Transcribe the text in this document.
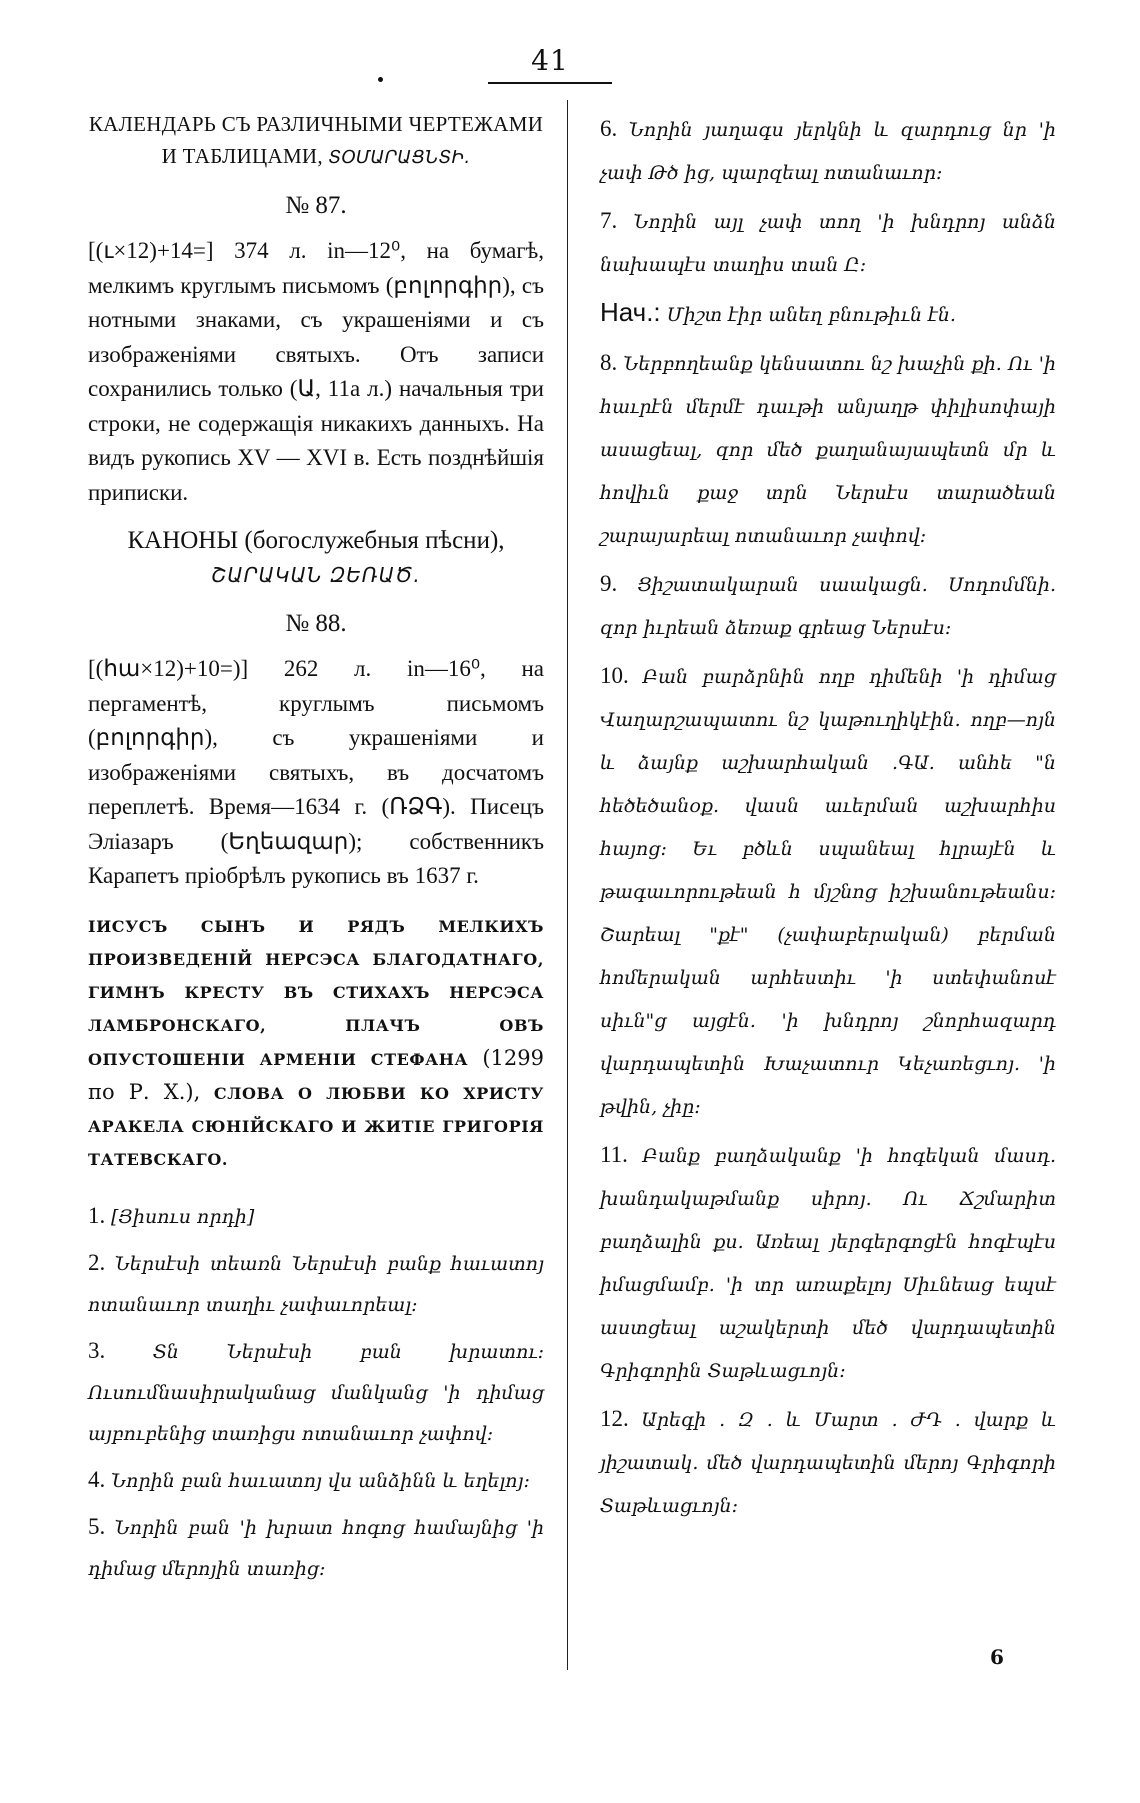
41
КАЛЕНДАРЬ СЪ РАЗЛИЧНЫМИ ЧЕРТЕЖАМИ И ТАБЛИЦАМИ, ՏՕՄԱՐԱՑՆՏԻ.
№ 87.
[(ւ×12)+14=] 374 л. in—12⁰, на бумагѣ, мелкимъ круглымъ письмомъ (բոլորգիր), съ нотными знаками, съ украшеніями и съ изображеніями святыхъ. Отъ записи сохранились только (Ա, 11а л.) начальныя три строки, не содержащія никакихъ данныхъ. На видъ рукопись XV — XVI в. Есть позднѣйшія приписки.
КАНОНЫ (богослужебныя пѣсни),
ՇԱՐԱԿԱՆ ԶԵՌԱԾ.
№ 88.
[(հա×12)+10=)] 262 л. in—16⁰, на пергаментѣ, круглымъ письмомъ (բոլորգիր), съ украшеніями и изображеніями святыхъ, въ досчатомъ переплетѣ. Время—1634 г. (ՌՁԳ). Писецъ Эліазаръ (Եղեազար); собственникъ Карапетъ пріобрѣлъ рукопись въ 1637 г.
ІИСУСЪ СЫНЪ И РЯДЪ МЕЛКИХЪ ПРОИЗВЕДЕНІЙ НЕРСЭСА БЛАГОДАТНАГО, ГИМНЪ КРЕСТУ ВЪ СТИХАХЪ НЕРСЭСА ЛАМБРОНСКАГО, ПЛАЧЪ ОВЪ ОПУСТОШЕНІИ АРМЕНІИ СТЕФАНА (1299 по Р. Х.), СЛОВА О ЛЮБВИ КО ХРИСТУ АРАКЕЛА СЮНІЙСКАГО И ЖИТІЕ ГРИГОРІЯ ТАТЕВСКАГО.
1. [Յիսուս որդի]
2. Ներսէսի տեառն Ներսէսի բանք հաւատոյ ոտանաւոր տաղիւ չափաւորեալ:
3.	Տն Ներսէսի բան խրատու: Ուսումնասիրականաց մանկանց 'ի դիմաց այբուբենից տառիցս ոտանաւոր չափով:
4. Նորին բան հաւատոյ վս անձինն և եղելոյ:
5. Նորին բան 'ի խրատ հոգոց համայնից 'ի դիմաց մերոյին տառից:
6. Նորին յաղագս յերկնի և զարդուց նր 'ի չափ Թծ ից, պարզեալ ոտանաւոր:
7. Նորին այլ չափ տող 'ի խնդրոյ անձն նախապէս տաղիս տան Ը:
Нач.: Միշտ էիր անեղ բնութիւն էն.
8. Ներբողեանք կենսատու նշ խաչին քի. Ու 'ի հաւրէն մերմէ դաւթի անյաղթ փիլիսոփայի ասացեալ, զոր մեծ քաղանայապետն մր և հովիւն քաջ տրն Ներսէս տարածեան շարայարեալ ոտանաւոր չափով:
9. Ցիշատակարան սաակացն. Սոդոմմնի. զոր իւրեան ձեռաք գրեաց Ներսէս:
10. Բան բարձրնին ողբ դիմենի 'ի դիմաց Վաղարշապատու նշ կաթուղիկէին. ողբ—ոյն և ձայնք աշխարհական .ԳԱ. անհե "ն հեծեծանօք. վասն աւերման աշխարհիս հայոց: Եւ բծևն սպանեալ հլրայէն և թագաւորութեան հ մյշնոց իշխանութեանս: Շարեալ "քէ" (չափաբերական) բերման հոմերական արհեստիւ 'ի ստեփանոսէ սիւն"ց այցէն. 'ի խնդրոյ շնորհազարդ վարդապետին Խաչատուր Կեչառեցւոյ. 'ի թվին, չիը:
11. Բանք բաղձականք 'ի հոգեկան մասդ. խանդակաթմանք սիրոյ. Ու Ճշմարիտ բաղձալին քս. Առեալ յերգերգոցէն հոգէպէս իմացմամբ. 'ի տր առաքելոյ Սիւնեաց եպսէ աստցեալ աշակերտի մեծ վարդապետին Գրիգորին Տաթևացւոյն:
12. Արեգի . Զ . և Մարտ . ԺԴ . վարք և յիշատակ. մեծ վարդապետին մերոյ Գրիգորի Տաթևացւոյն:
6
